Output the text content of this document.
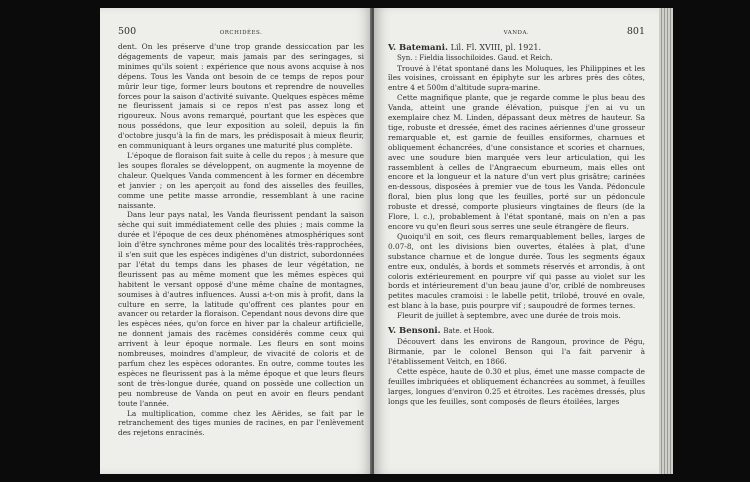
500	ORCHIDÉES.

dent. On les préserve d'une trop grande dessiccation par les dégagements de vapeur, mais jamais par des seringages, si minimes qu'ils soient : expérience que nous avons acquise à nos dépens. Tous les Vanda ont besoin de ce temps de repos pour mûrir leur tige, former leurs boutons et reprendre de nouvelles forces pour la saison d'activité suivante. Quelques espèces même ne fleurissent jamais si ce repos n'est pas assez long et rigoureux. Nous avons remarqué, pourtant que les espèces que nous possédons, que leur exposition au soleil, depuis la fin d'octobre jusqu'à la fin de mars, les prédisposait à mieux fleurir, en communiquant à leurs organes une maturité plus complète.

L'époque de floraison fait suite à celle du repos ; à mesure que les soupes florales se développent, on augmente la moyenne de chaleur. Quelques Vanda commencent à les former en décembre et janvier ; on les aperçoit au fond des aisselles des feuilles, comme une petite masse arrondie, ressemblant à une racine naissante.

Dans leur pays natal, les Vanda fleurissent pendant la saison sèche qui suit immédiatement celle des pluies ; mais comme la durée et l'époque de ces deux phénomènes atmosphériques sont loin d'être synchrones même pour des localités très-rapprochées, il s'en suit que les espèces indigènes d'un district, subordonnées par l'état du temps dans les phases de leur végétation, ne fleurissent pas au même moment que les mêmes espèces qui habitent le versant opposé d'une même chaîne de montagnes, soumises à d'autres influences. Aussi a-t-on mis à profit, dans la culture en serre, la latitude qu'offrent ces plantes pour en avancer ou retarder la floraison. Cependant nous devons dire que les espèces nées, qu'on force en hiver par la chaleur artificielle, ne donnent jamais des racèmes considérés comme ceux qui arrivent à leur époque normale. Les fleurs en sont moins nombreuses, moindres d'ampleur, de vivacité de coloris et de parfum chez les espèces odorantes. En outre, comme toutes les espèces ne fleurissent pas à la même époque et que leurs fleurs sont de très-longue durée, quand on possède une collection un peu nombreuse de Vanda on peut en avoir en fleurs pendant toute l'année.

La multiplication, comme chez les Aërides, se fait par le retranchement des tiges munies de racines, en par l'enlèvement des rejetons enracinés.

VANDA.	801

V. Batemani. Lil. Fl. XVIII, pl. 1921.

Syn. : Fieldia lissochiloides. Gaud. et Reich.

Trouvé à l'état spontané dans les Moluques, les Philippines et les îles voisines, croissant en épiphyte sur les arbres près des côtes, entre 4 et 500m d'altitude supra-marine.

Cette magnifique plante, que je regarde comme le plus beau des Vanda, atteint une grande élévation, puisque j'en ai vu un exemplaire chez M. Linden, dépassant deux mètres de hauteur. Sa tige, robuste et dressée, émet des racines aériennes d'une grosseur remarquable et, est garnie de feuilles ensiformes, charnues et obliquement échancrées, d'une consistance et scories et charnues, avec une soudure bien marquée vers leur articulation, qui les rassemblent à celles de l'Angraecum eburneum, mais elles ont encore et la longueur et la nature d'un vert plus grisâtre; carinées en-dessous, disposées à premier vue de tous les Vanda. Pédoncule floral, bien plus long que les feuilles, porté sur un pédoncule robuste et dressé, comporte plusieurs vingtaines de fleurs (de la Flore, l. c.), probablement à l'état spontané, mais on n'en a pas encore vu qu'en fleuri sous serres une seule étrangère de fleurs.

Quoiqu'il en soit, ces fleurs remarquablement belles, larges de 0.07-8, ont les divisions bien ouvertes, étalées à plat, d'une substance charnue et de longue durée. Tous les segments égaux entre eux, ondulés, à bords et sommets réservés et arrondis, à ont coloris extérieurement en pourpre vif qui passe au violet sur les bords et intérieurement d'un beau jaune d'or, criblé de nombreuses petites macules cramoisi : le labelle petit, trilobé, trouvé en ovale, est blanc à la base, puis pourpre vif ; saupoudré de formes ternes.

Fleurit de juillet à septembre, avec une durée de trois mois.

V. Bensoni. Bate. et Hook.

Découvert dans les environs de Rangoun, province de Pégu, Birmanie, par le colonel Benson qui l'a fait parvenir à l'établissement Veitch, en 1866.

Cette espèce, haute de 0.30 et plus, émet une masse compacte de feuilles imbriquées et obliquement échancrées au sommet, à feuilles larges, longues d'environ 0.25 et étroites. Les racèmes dressés, plus longs que les feuilles, sont composés de fleurs étoilées, larges
